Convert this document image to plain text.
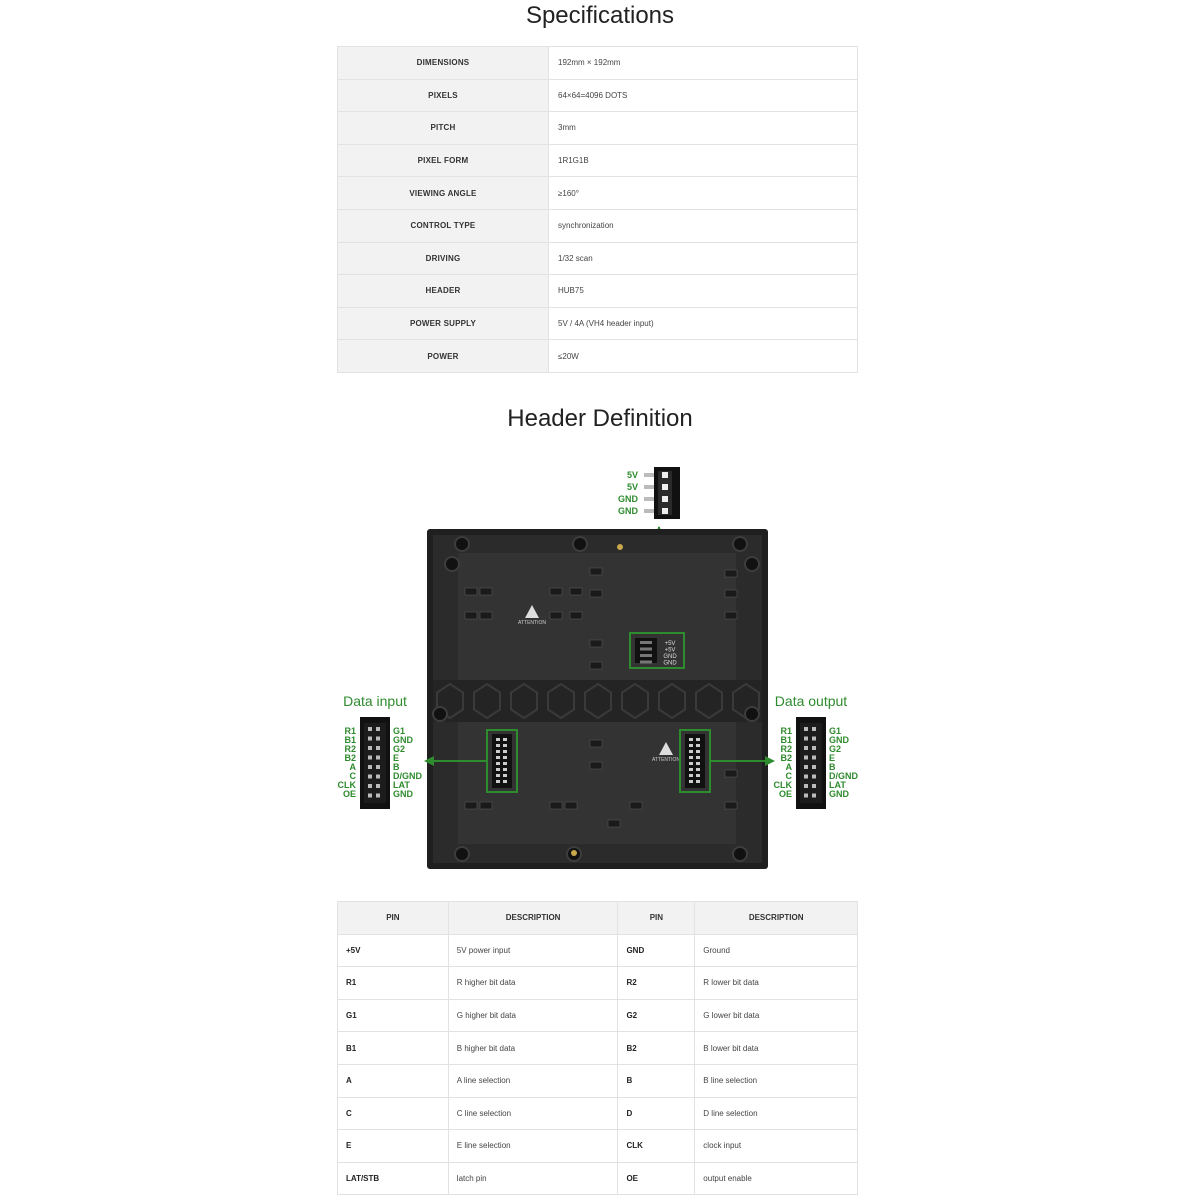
Specifications
DIMENSIONS	192mm × 192mm
PIXELS	64×64=4096 DOTS
PITCH	3mm
PIXEL FORM	1R1G1B
VIEWING ANGLE	≥160°
CONTROL TYPE	synchronization
DRIVING	1/32 scan
HEADER	HUB75
POWER SUPPLY	5V / 4A (VH4 header input)
POWER	≤20W
Header Definition
ATTENTION
ATTENTION
+5V
+5V
GND
GND
Data input
R1
B1
R2
B2
A
C
CLK
OE
G1
GND
G2
E
B
D/GND
LAT
GND
Data output
R1
B1
R2
B2
A
C
CLK
OE
G1
GND
G2
E
B
D/GND
LAT
GND
5V
5V
GND
GND
PIN	DESCRIPTION	PIN	DESCRIPTION
+5V	5V power input	GND	Ground
R1	R higher bit data	R2	R lower bit data
G1	G higher bit data	G2	G lower bit data
B1	B higher bit data	B2	B lower bit data
A	A line selection	B	B line selection
C	C line selection	D	D line selection
E	E line selection	CLK	clock input
LAT/STB	latch pin	OE	output enable
